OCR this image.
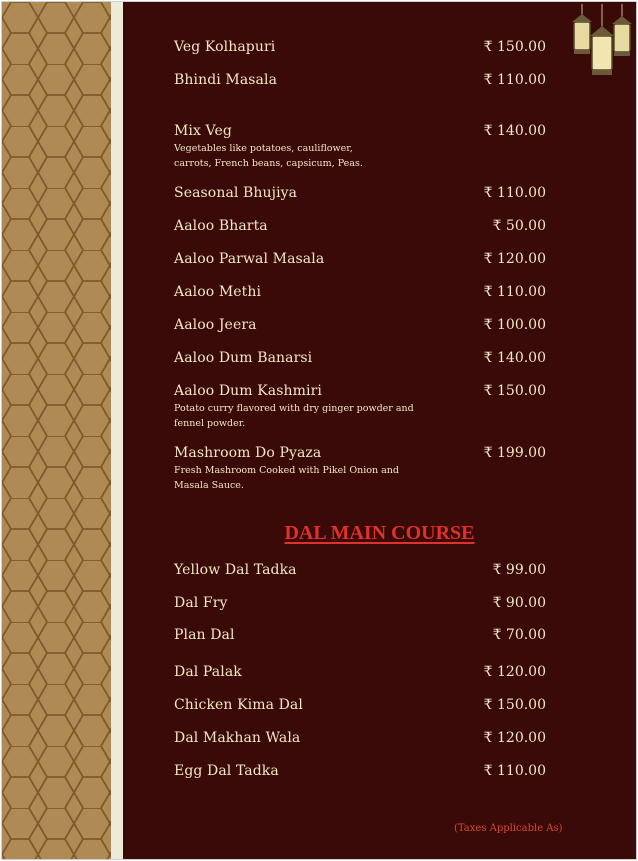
Veg Kolhapuri	₹ 150.00
Bhindi Masala	₹ 110.00
Mix Veg	₹ 140.00
Vegetables like potatoes, cauliflower, carrots, French beans, capsicum, Peas.
Seasonal Bhujiya	₹ 110.00
Aaloo Bharta	₹ 50.00
Aaloo Parwal Masala	₹ 120.00
Aaloo Methi	₹ 110.00
Aaloo Jeera	₹ 100.00
Aaloo Dum Banarsi	₹ 140.00
Aaloo Dum Kashmiri	₹ 150.00
Potato curry flavored with dry ginger powder and fennel powder.
Mashroom Do Pyaza	₹ 199.00
Fresh Mashroom Cooked with Pikel Onion and Masala Sauce.
DAL MAIN COURSE
Yellow Dal Tadka	₹ 99.00
Dal Fry	₹ 90.00
Plan Dal	₹ 70.00
Dal Palak	₹ 120.00
Chicken Kima Dal	₹ 150.00
Dal Makhan Wala	₹ 120.00
Egg Dal Tadka	₹ 110.00
(Taxes Applicable As)
